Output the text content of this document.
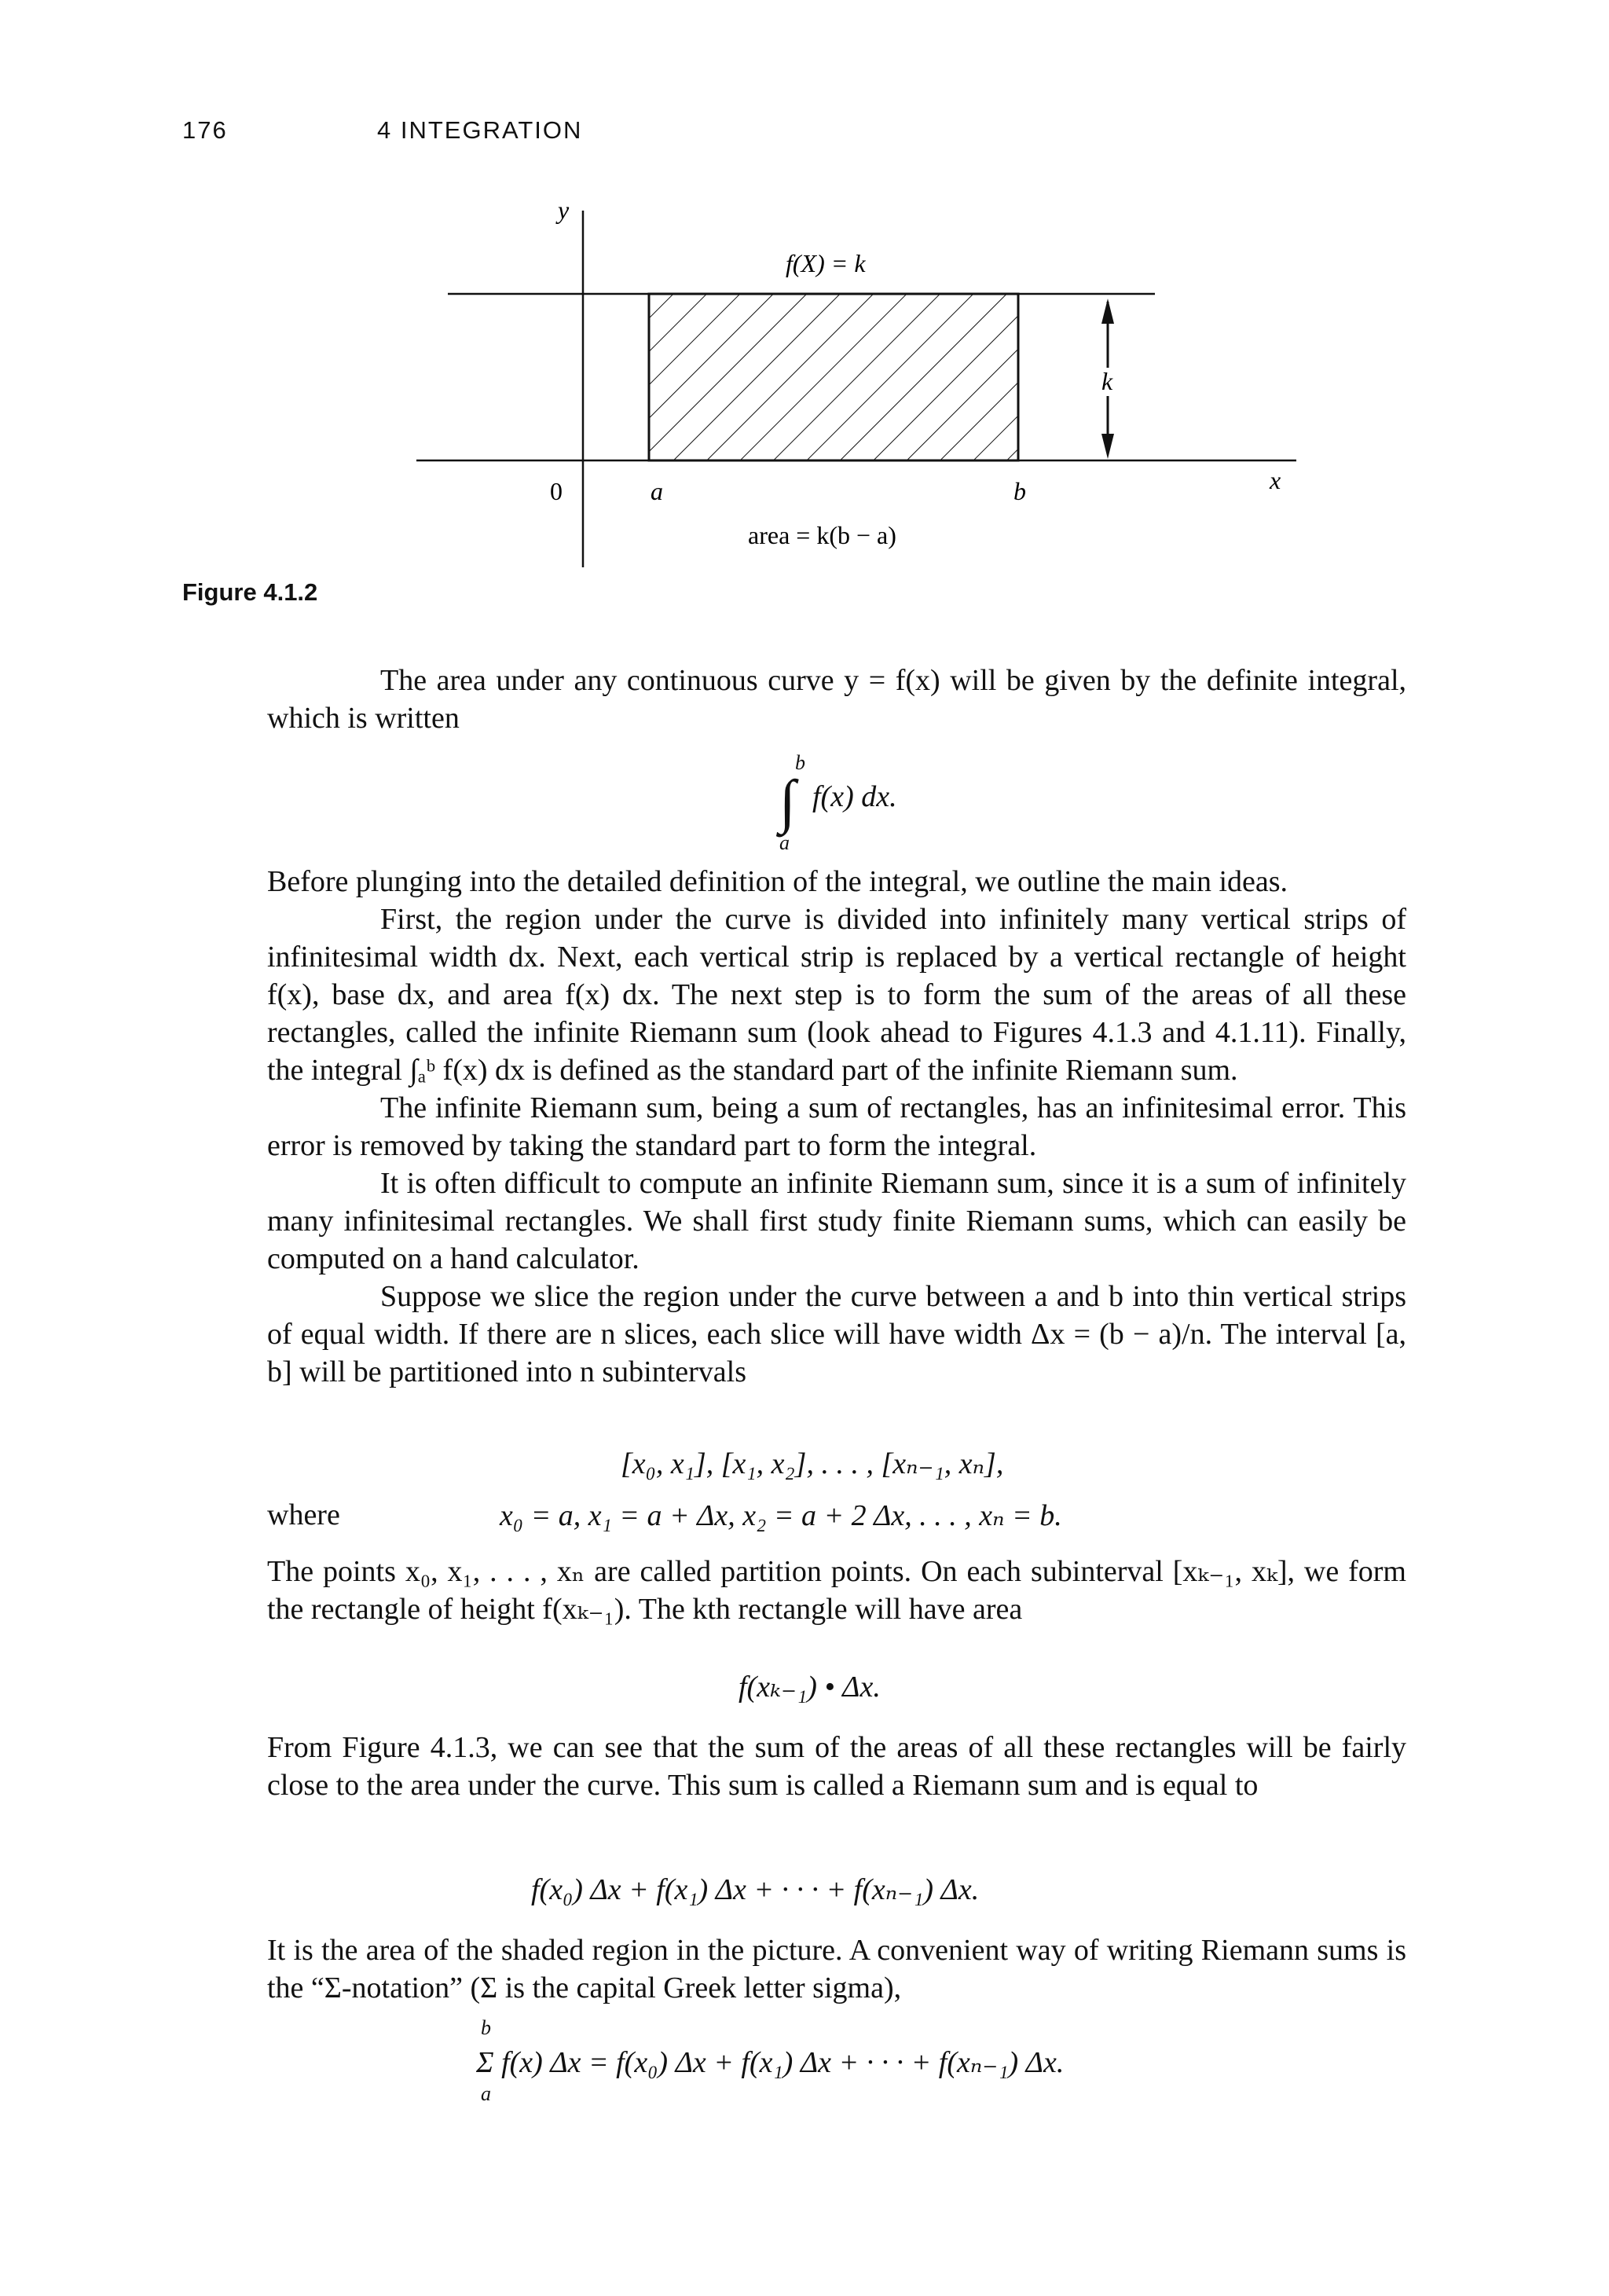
176	4 INTEGRATION
y
f(X) = k
k
0	a	b	x
area = k(b − a)
Figure 4.1.2

The area under any continuous curve y = f(x) will be given by the definite integral, which is written

∫
b
a
f(x) dx.

Before plunging into the detailed definition of the integral, we outline the main ideas.

First, the region under the curve is divided into infinitely many vertical strips of infinitesimal width dx. Next, each vertical strip is replaced by a vertical rectangle of height f(x), base dx, and area f(x) dx. The next step is to form the sum of the areas of all these rectangles, called the infinite Riemann sum (look ahead to Figures 4.1.3 and 4.1.11). Finally, the integral ∫ₐᵇ f(x) dx is defined as the standard part of the infinite Riemann sum.

The infinite Riemann sum, being a sum of rectangles, has an infinitesimal error. This error is removed by taking the standard part to form the integral.

It is often difficult to compute an infinite Riemann sum, since it is a sum of infinitely many infinitesimal rectangles. We shall first study finite Riemann sums, which can easily be computed on a hand calculator.

Suppose we slice the region under the curve between a and b into thin vertical strips of equal width. If there are n slices, each slice will have width Δx = (b − a)/n. The interval [a, b] will be partitioned into n subintervals

[x₀, x₁], [x₁, x₂], . . . , [xₙ₋₁, xₙ],
where	x₀ = a, x₁ = a + Δx, x₂ = a + 2 Δx, . . . , xₙ = b.

The points x₀, x₁, . . . , xₙ are called partition points. On each subinterval [xₖ₋₁, xₖ], we form the rectangle of height f(xₖ₋₁). The kth rectangle will have area

f(xₖ₋₁) • Δx.

From Figure 4.1.3, we can see that the sum of the areas of all these rectangles will be fairly close to the area under the curve. This sum is called a Riemann sum and is equal to

f(x₀) Δx + f(x₁) Δx + · · · + f(xₙ₋₁) Δx.

It is the area of the shaded region in the picture. A convenient way of writing Riemann sums is the “Σ-notation” (Σ is the capital Greek letter sigma),

b
Σ f(x) Δx = f(x₀) Δx + f(x₁) Δx + · · · + f(xₙ₋₁) Δx.
a
